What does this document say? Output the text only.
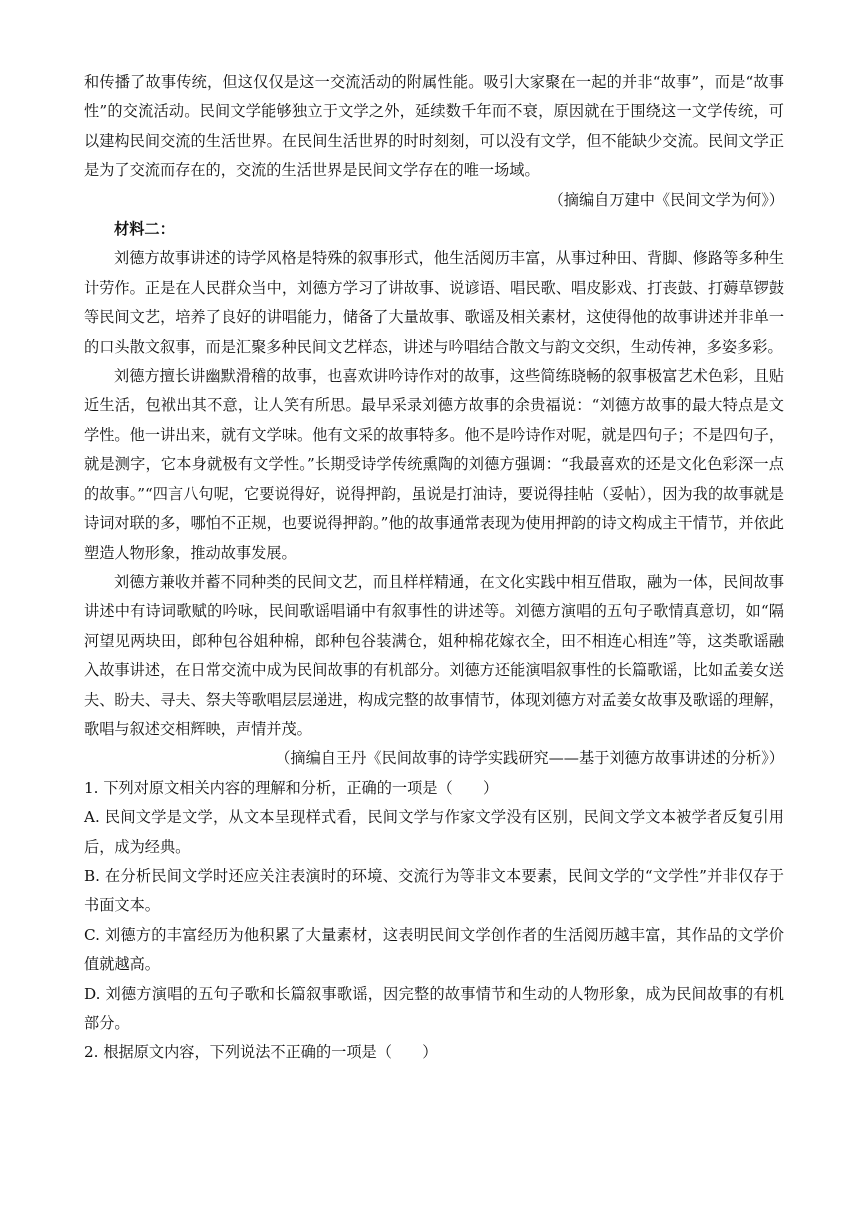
和传播了故事传统，但这仅仅是这一交流活动的附属性能。吸引大家聚在一起的并非“故事”，而是“故事性”的交流活动。民间文学能够独立于文学之外，延续数千年而不衰，原因就在于围绕这一文学传统，可以建构民间交流的生活世界。在民间生活世界的时时刻刻，可以没有文学，但不能缺少交流。民间文学正是为了交流而存在的，交流的生活世界是民间文学存在的唯一场域。

（摘编自万建中《民间文学为何》）

材料二：

刘德方故事讲述的诗学风格是特殊的叙事形式，他生活阅历丰富，从事过种田、背脚、修路等多种生计劳作。正是在人民群众当中，刘德方学习了讲故事、说谚语、唱民歌、唱皮影戏、打丧鼓、打薅草锣鼓等民间文艺，培养了良好的讲唱能力，储备了大量故事、歌谣及相关素材，这使得他的故事讲述并非单一的口头散文叙事，而是汇聚多种民间文艺样态，讲述与吟唱结合散文与韵文交织，生动传神，多姿多彩。

刘德方擅长讲幽默滑稽的故事，也喜欢讲吟诗作对的故事，这些简练晓畅的叙事极富艺术色彩，且贴近生活，包袱出其不意，让人笑有所思。最早采录刘德方故事的余贵福说：“刘德方故事的最大特点是文学性。他一讲出来，就有文学味。他有文采的故事特多。他不是吟诗作对呢，就是四句子；不是四句子，就是测字，它本身就极有文学性。”长期受诗学传统熏陶的刘德方强调：“我最喜欢的还是文化色彩深一点的故事。”“四言八句呢，它要说得好，说得押韵，虽说是打油诗，要说得挂帖（妥帖），因为我的故事就是诗词对联的多，哪怕不正规，也要说得押韵。”他的故事通常表现为使用押韵的诗文构成主干情节，并依此塑造人物形象，推动故事发展。

刘德方兼收并蓄不同种类的民间文艺，而且样样精通，在文化实践中相互借取，融为一体，民间故事讲述中有诗词歌赋的吟咏，民间歌谣唱诵中有叙事性的讲述等。刘德方演唱的五句子歌情真意切，如“隔河望见两块田，郎种包谷姐种棉，郎种包谷装满仓，姐种棉花嫁衣全，田不相连心相连”等，这类歌谣融入故事讲述，在日常交流中成为民间故事的有机部分。刘德方还能演唱叙事性的长篇歌谣，比如孟姜女送夫、盼夫、寻夫、祭夫等歌唱层层递进，构成完整的故事情节，体现刘德方对孟姜女故事及歌谣的理解，歌唱与叙述交相辉映，声情并茂。

（摘编自王丹《民间故事的诗学实践研究——基于刘德方故事讲述的分析》）

1. 下列对原文相关内容的理解和分析，正确的一项是（　　）

A. 民间文学是文学，从文本呈现样式看，民间文学与作家文学没有区别，民间文学文本被学者反复引用后，成为经典。

B. 在分析民间文学时还应关注表演时的环境、交流行为等非文本要素，民间文学的“文学性”并非仅存于书面文本。

C. 刘德方的丰富经历为他积累了大量素材，这表明民间文学创作者的生活阅历越丰富，其作品的文学价值就越高。

D. 刘德方演唱的五句子歌和长篇叙事歌谣，因完整的故事情节和生动的人物形象，成为民间故事的有机部分。

2. 根据原文内容，下列说法不正确的一项是（　　）
